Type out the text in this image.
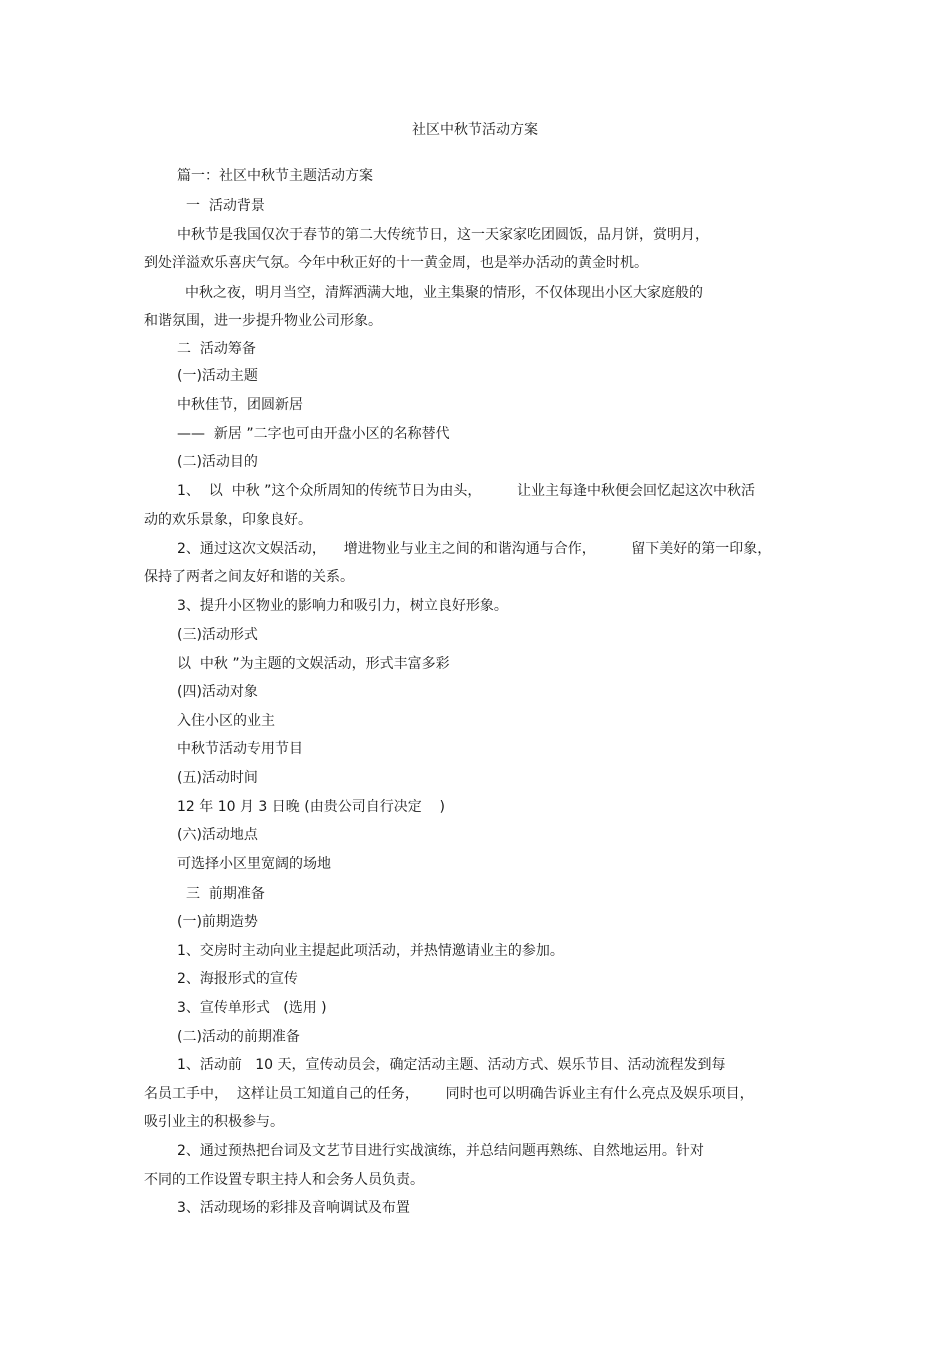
社区中秋节活动方案
篇一：社区中秋节主题活动方案
一  活动背景
中秋节是我国仅次于春节的第二大传统节日，这一天家家吃团圆饭，品月饼，赏明月，
到处洋溢欢乐喜庆气氛。今年中秋正好的十一黄金周，也是举办活动的黄金时机。
中秋之夜，明月当空，清辉洒满大地，业主集聚的情形，不仅体现出小区大家庭般的
和谐氛围，进一步提升物业公司形象。
二  活动筹备
(一)活动主题
中秋佳节，团圆新居
——  新居 ”二字也可由开盘小区的名称替代
(二)活动目的
1、  以  中秋 ”这个众所周知的传统节日为由头，        让业主每逢中秋便会回忆起这次中秋活
动的欢乐景象，印象良好。
2、通过这次文娱活动，    增进物业与业主之间的和谐沟通与合作，        留下美好的第一印象，
保持了两者之间友好和谐的关系。
3、提升小区物业的影响力和吸引力，树立良好形象。
(三)活动形式
以  中秋 ”为主题的文娱活动，形式丰富多彩
(四)活动对象
入住小区的业主
中秋节活动专用节目
(五)活动时间
12 年 10 月 3 日晚 (由贵公司自行决定    )
(六)活动地点
可选择小区里宽阔的场地
三  前期准备
(一)前期造势
1、交房时主动向业主提起此项活动，并热情邀请业主的参加。
2、海报形式的宣传
3、宣传单形式   (选用 )
(二)活动的前期准备
1、活动前   10 天，宣传动员会，确定活动主题、活动方式、娱乐节目、活动流程发到每
名员工手中，  这样让员工知道自己的任务，      同时也可以明确告诉业主有什么亮点及娱乐项目，
吸引业主的积极参与。
2、通过预热把台词及文艺节目进行实战演练，并总结问题再熟练、自然地运用。针对
不同的工作设置专职主持人和会务人员负责。
3、活动现场的彩排及音响调试及布置
